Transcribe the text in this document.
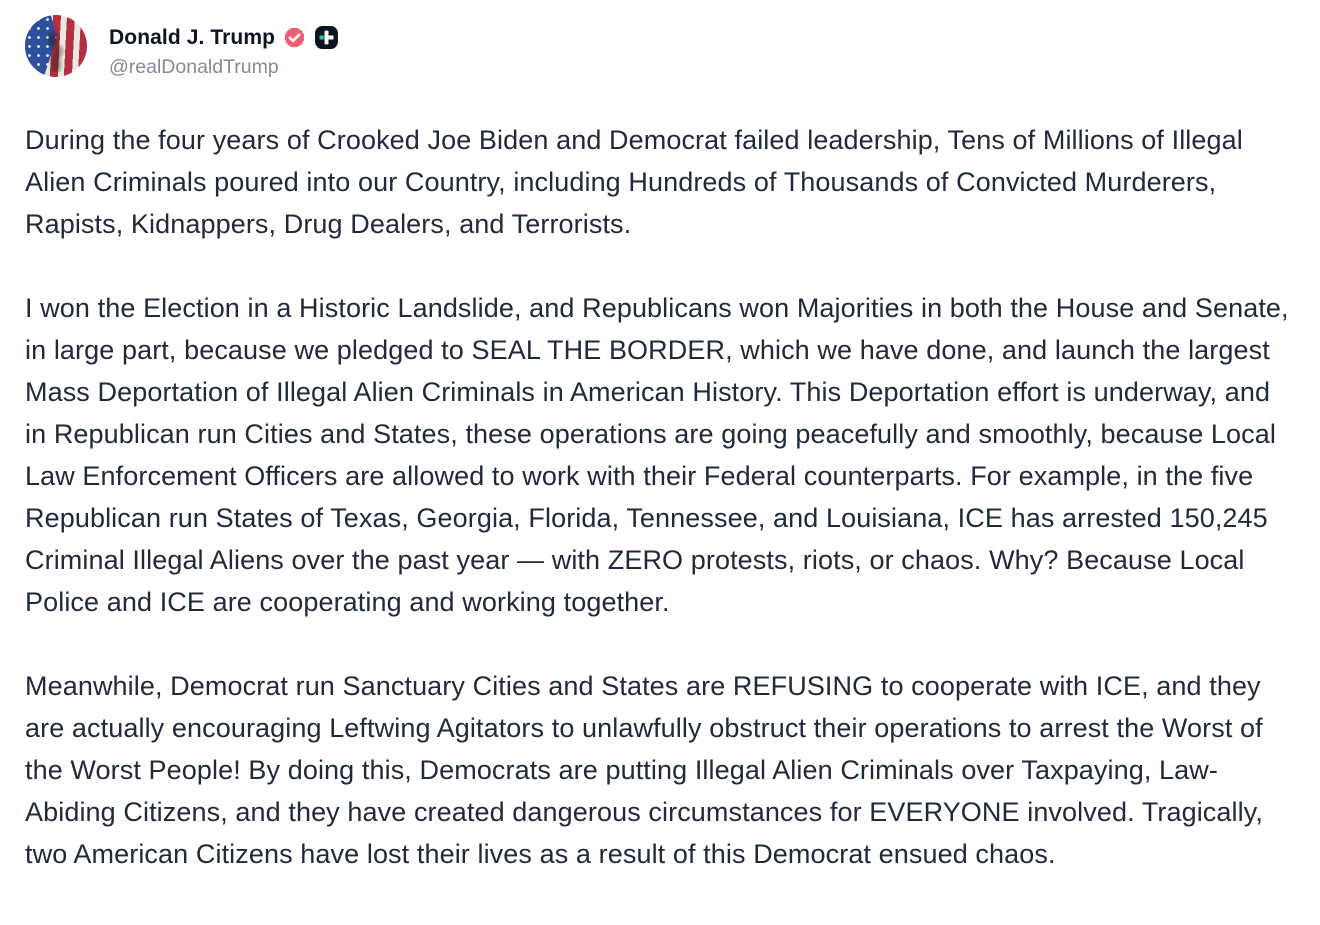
Donald J. Trump
@realDonaldTrump

During the four years of Crooked Joe Biden and Democrat failed leadership, Tens of Millions of Illegal Alien Criminals poured into our Country, including Hundreds of Thousands of Convicted Murderers, Rapists, Kidnappers, Drug Dealers, and Terrorists.

I won the Election in a Historic Landslide, and Republicans won Majorities in both the House and Senate, in large part, because we pledged to SEAL THE BORDER, which we have done, and launch the largest Mass Deportation of Illegal Alien Criminals in American History. This Deportation effort is underway, and in Republican run Cities and States, these operations are going peacefully and smoothly, because Local Law Enforcement Officers are allowed to work with their Federal counterparts. For example, in the five Republican run States of Texas, Georgia, Florida, Tennessee, and Louisiana, ICE has arrested 150,245 Criminal Illegal Aliens over the past year — with ZERO protests, riots, or chaos. Why? Because Local Police and ICE are cooperating and working together.

Meanwhile, Democrat run Sanctuary Cities and States are REFUSING to cooperate with ICE, and they are actually encouraging Leftwing Agitators to unlawfully obstruct their operations to arrest the Worst of the Worst People! By doing this, Democrats are putting Illegal Alien Criminals over Taxpaying, Law-Abiding Citizens, and they have created dangerous circumstances for EVERYONE involved. Tragically, two American Citizens have lost their lives as a result of this Democrat ensued chaos.
